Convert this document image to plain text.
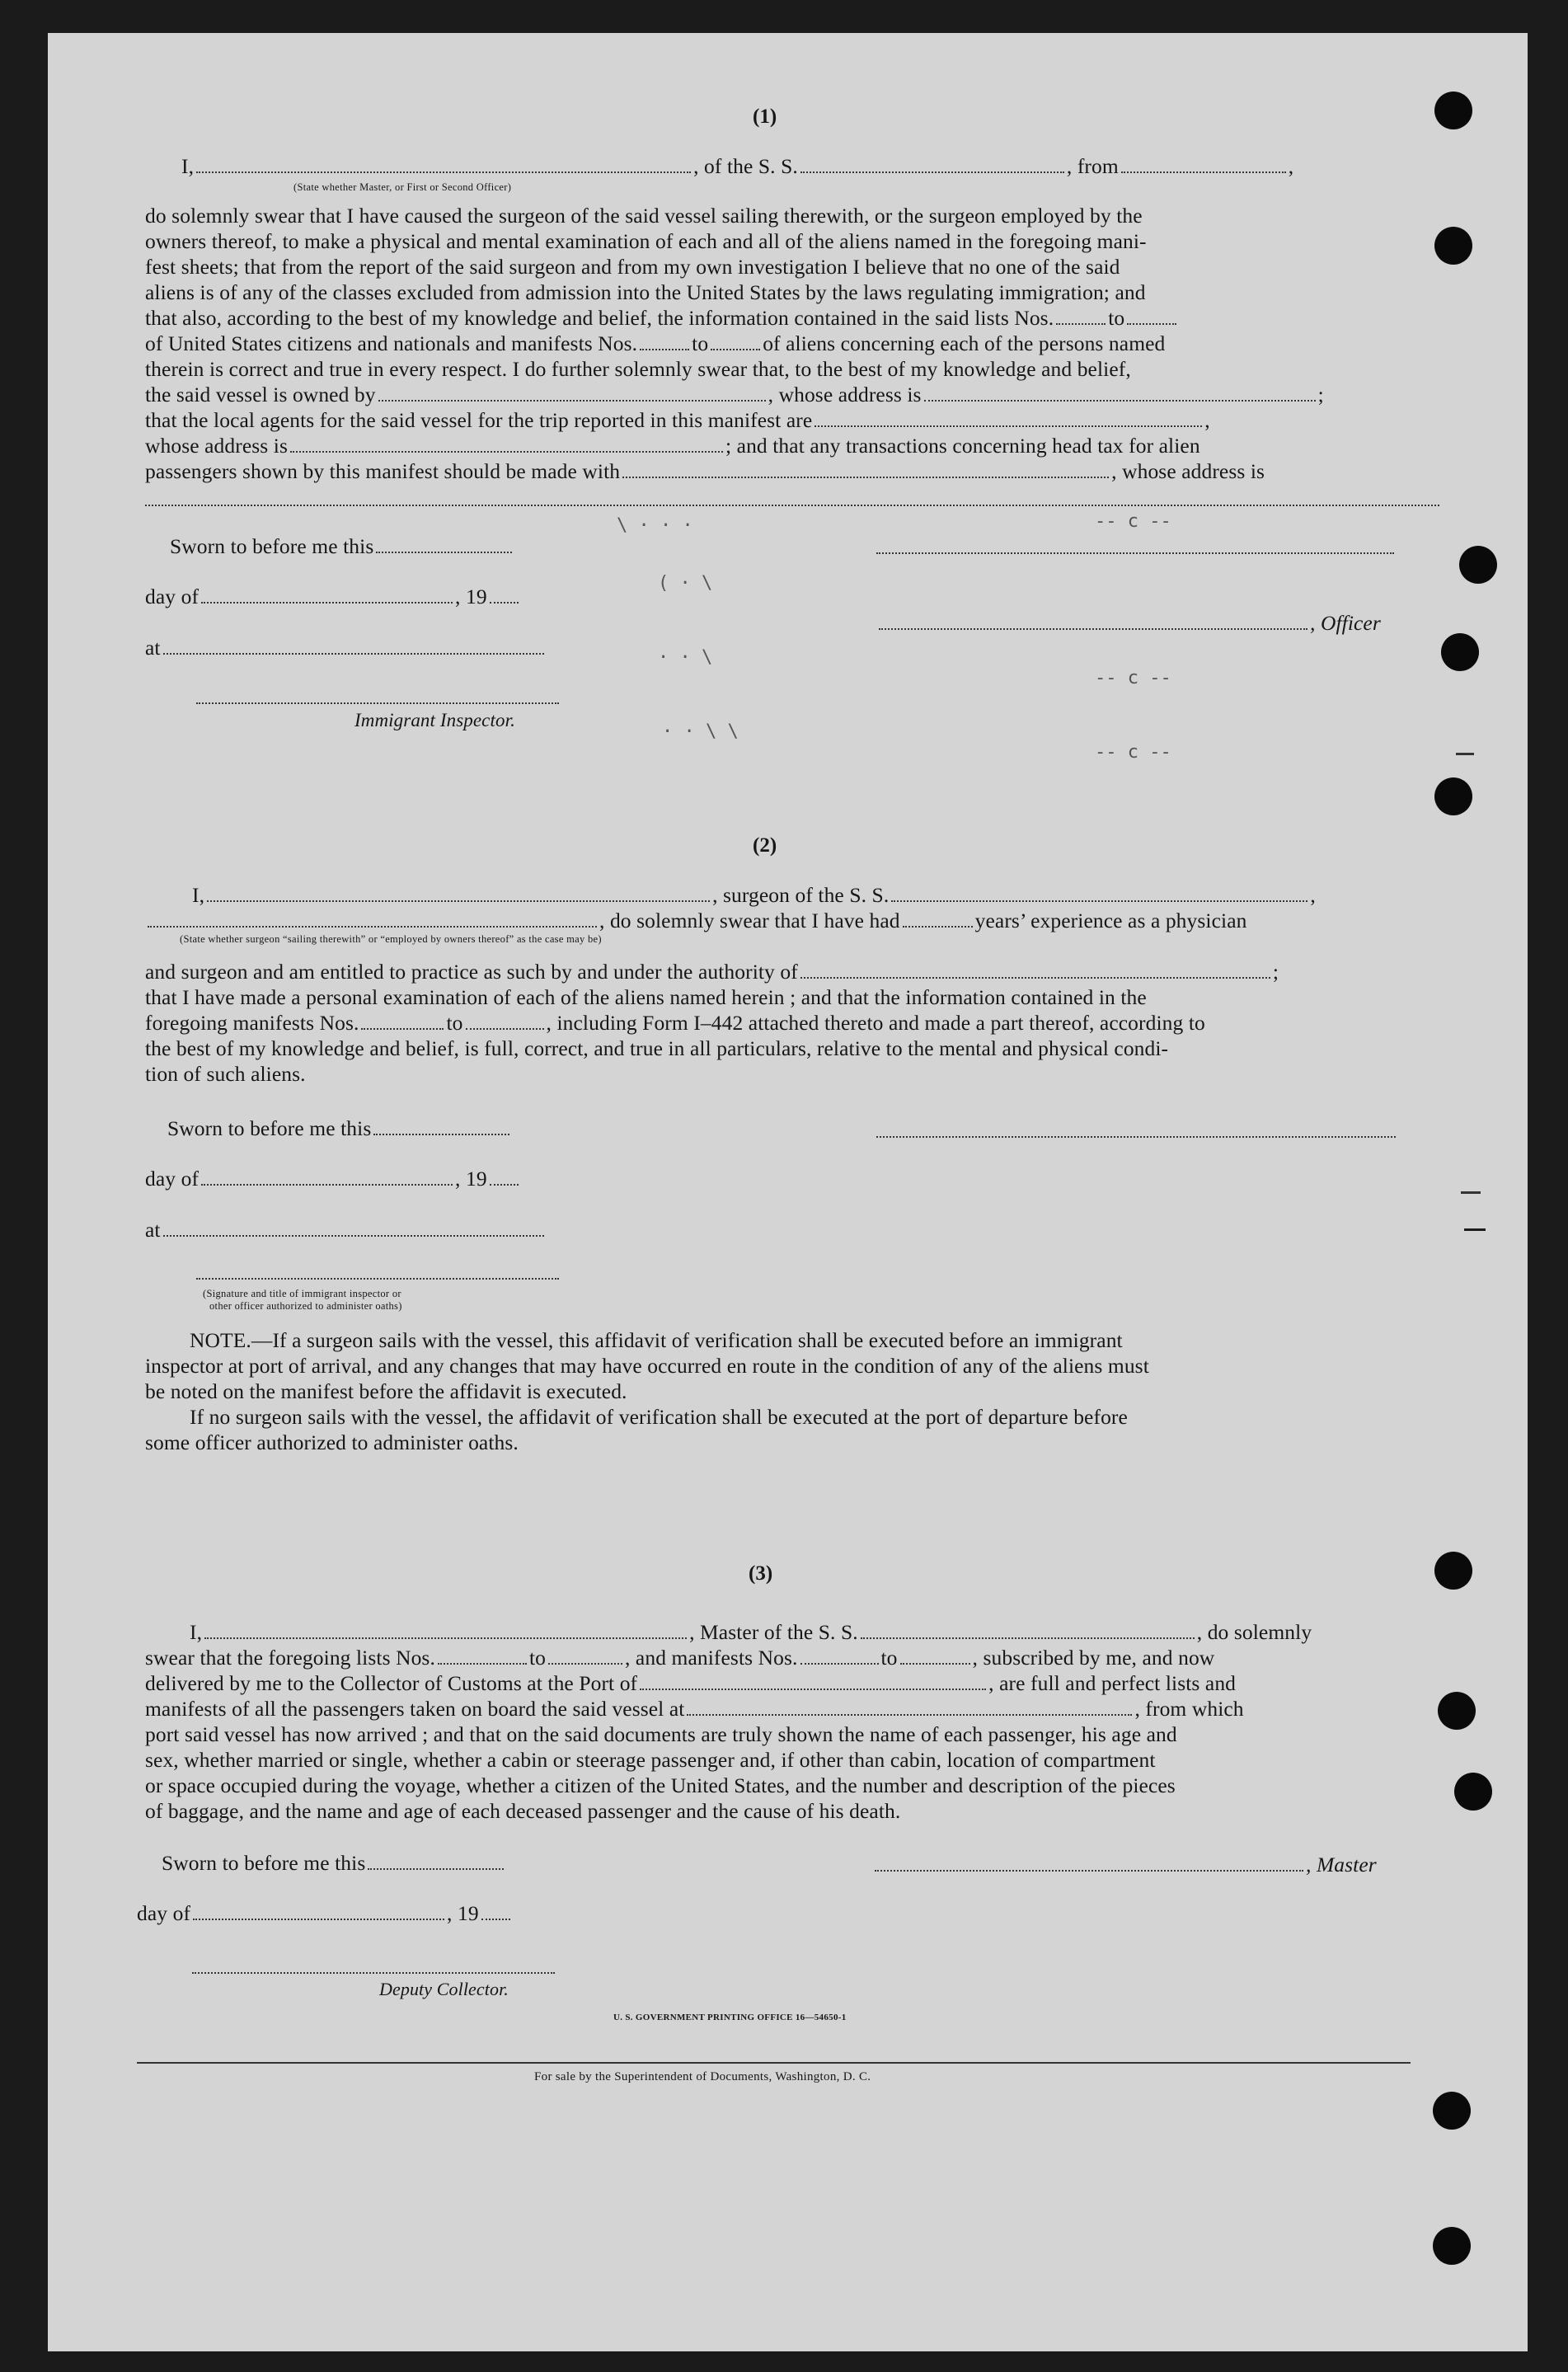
(1)
I,	, of the S. S.	, from	,
(State whether Master, or First or Second Officer)
do solemnly swear that I have caused the surgeon of the said vessel sailing therewith, or the surgeon employed by the
owners thereof, to make a physical and mental examination of each and all of the aliens named in the foregoing mani-
fest sheets; that from the report of the said surgeon and from my own investigation I believe that no one of the said
aliens is of any of the classes excluded from admission into the United States by the laws regulating immigration; and
that also, according to the best of my knowledge and belief, the information contained in the said lists Nos.	to
of United States citizens and nationals and manifests Nos.	to	of aliens concerning each of the persons named
therein is correct and true in every respect. I do further solemnly swear that, to the best of my knowledge and belief,
the said vessel is owned by	, whose address is	;
that the local agents for the said vessel for the trip reported in this manifest are	,
whose address is	; and that any transactions concerning head tax for alien
passengers shown by this manifest should be made with	, whose address is
Sworn to before me this
day of	, 19
, Officer
at
Immigrant Inspector.
\ · · ·	-- c --
( · \
· · \
-- c --
· · \ \
-- c --
(2)
I,	, surgeon of the S. S.	,
, do solemnly swear that I have had	years’ experience as a physician
(State whether surgeon “sailing therewith” or “employed by owners thereof” as the case may be)
and surgeon and am entitled to practice as such by and under the authority of	;
that I have made a personal examination of each of the aliens named herein ; and that the information contained in the
foregoing manifests Nos.	to	, including Form I–442 attached thereto and made a part thereof, according to
the best of my knowledge and belief, is full, correct, and true in all particulars, relative to the mental and physical condi-
tion of such aliens.
Sworn to before me this
day of	, 19
at
(Signature and title of immigrant inspector or
other officer authorized to administer oaths)
NOTE.—If a surgeon sails with the vessel, this affidavit of verification shall be executed before an immigrant
inspector at port of arrival, and any changes that may have occurred en route in the condition of any of the aliens must
be noted on the manifest before the affidavit is executed.
If no surgeon sails with the vessel, the affidavit of verification shall be executed at the port of departure before
some officer authorized to administer oaths.
(3)
I,	, Master of the S. S.	, do solemnly
swear that the foregoing lists Nos.	to	, and manifests Nos.	to	, subscribed by me, and now
delivered by me to the Collector of Customs at the Port of	, are full and perfect lists and
manifests of all the passengers taken on board the said vessel at	, from which
port said vessel has now arrived ; and that on the said documents are truly shown the name of each passenger, his age and
sex, whether married or single, whether a cabin or steerage passenger and, if other than cabin, location of compartment
or space occupied during the voyage, whether a citizen of the United States, and the number and description of the pieces
of baggage, and the name and age of each deceased passenger and the cause of his death.
Sworn to before me this	, Master
day of	, 19
Deputy Collector.
U. S. GOVERNMENT PRINTING OFFICE 16—54650-1
For sale by the Superintendent of Documents, Washington, D. C.
